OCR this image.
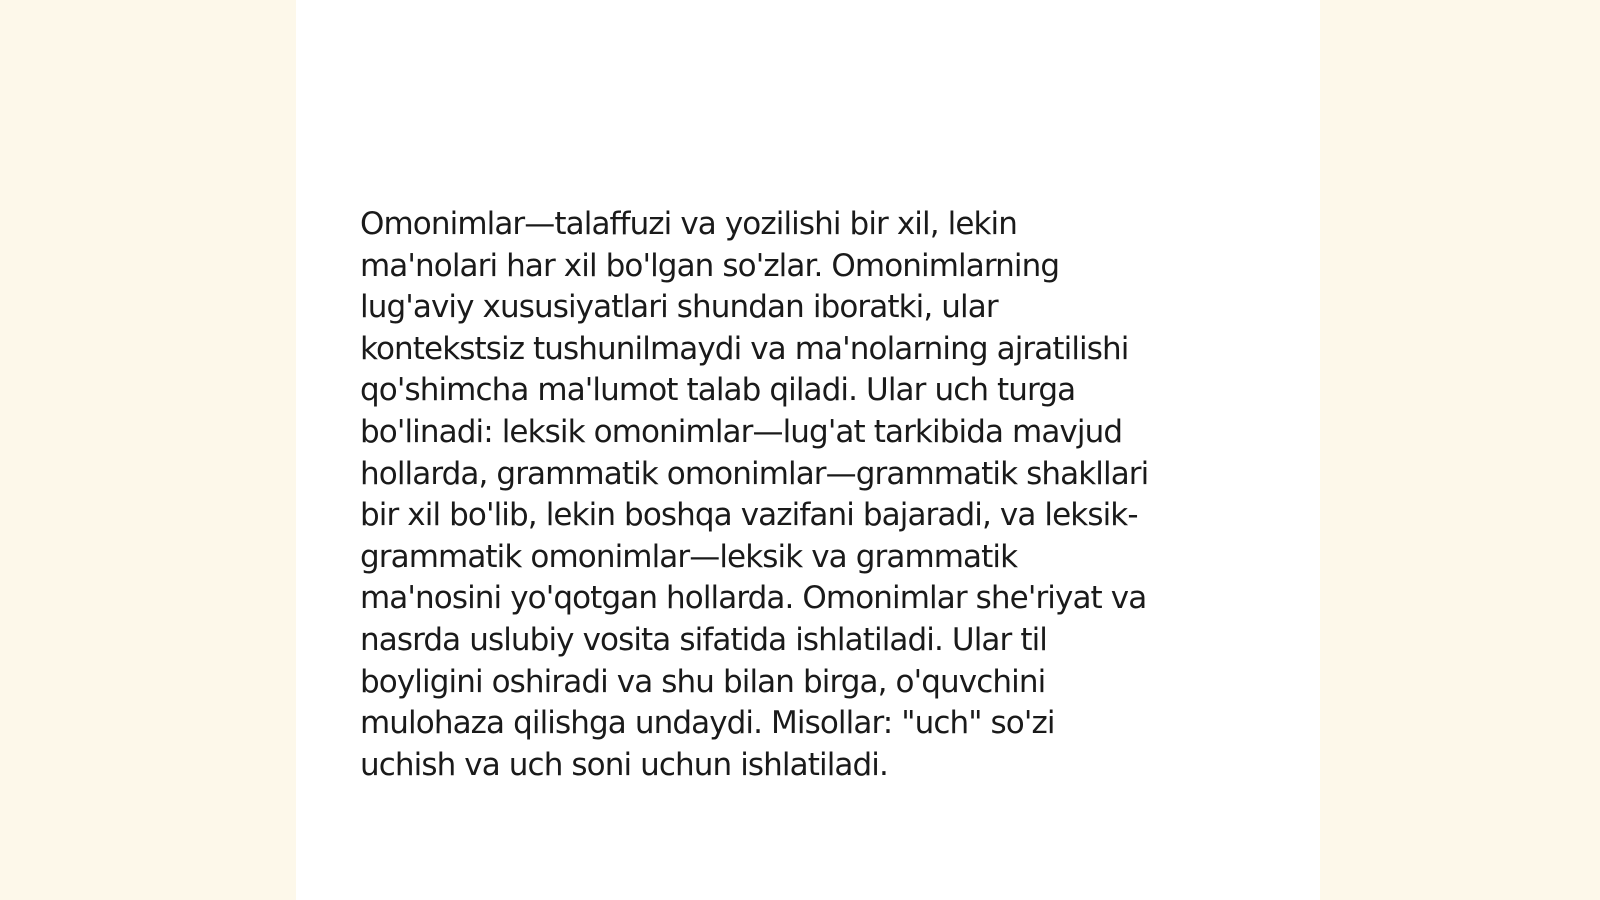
Omonimlar—talaffuzi va yozilishi bir xil, lekin
ma'nolari har xil bo'lgan so'zlar. Omonimlarning
lug'aviy xususiyatlari shundan iboratki, ular
kontekstsiz tushunilmaydi va ma'nolarning ajratilishi
qo'shimcha ma'lumot talab qiladi. Ular uch turga
bo'linadi: leksik omonimlar—lug'at tarkibida mavjud
hollarda, grammatik omonimlar—grammatik shakllari
bir xil bo'lib, lekin boshqa vazifani bajaradi, va leksik-
grammatik omonimlar—leksik va grammatik
ma'nosini yo'qotgan hollarda. Omonimlar she'riyat va
nasrda uslubiy vosita sifatida ishlatiladi. Ular til
boyligini oshiradi va shu bilan birga, o'quvchini
mulohaza qilishga undaydi. Misollar: "uch" so'zi
uchish va uch soni uchun ishlatiladi.
